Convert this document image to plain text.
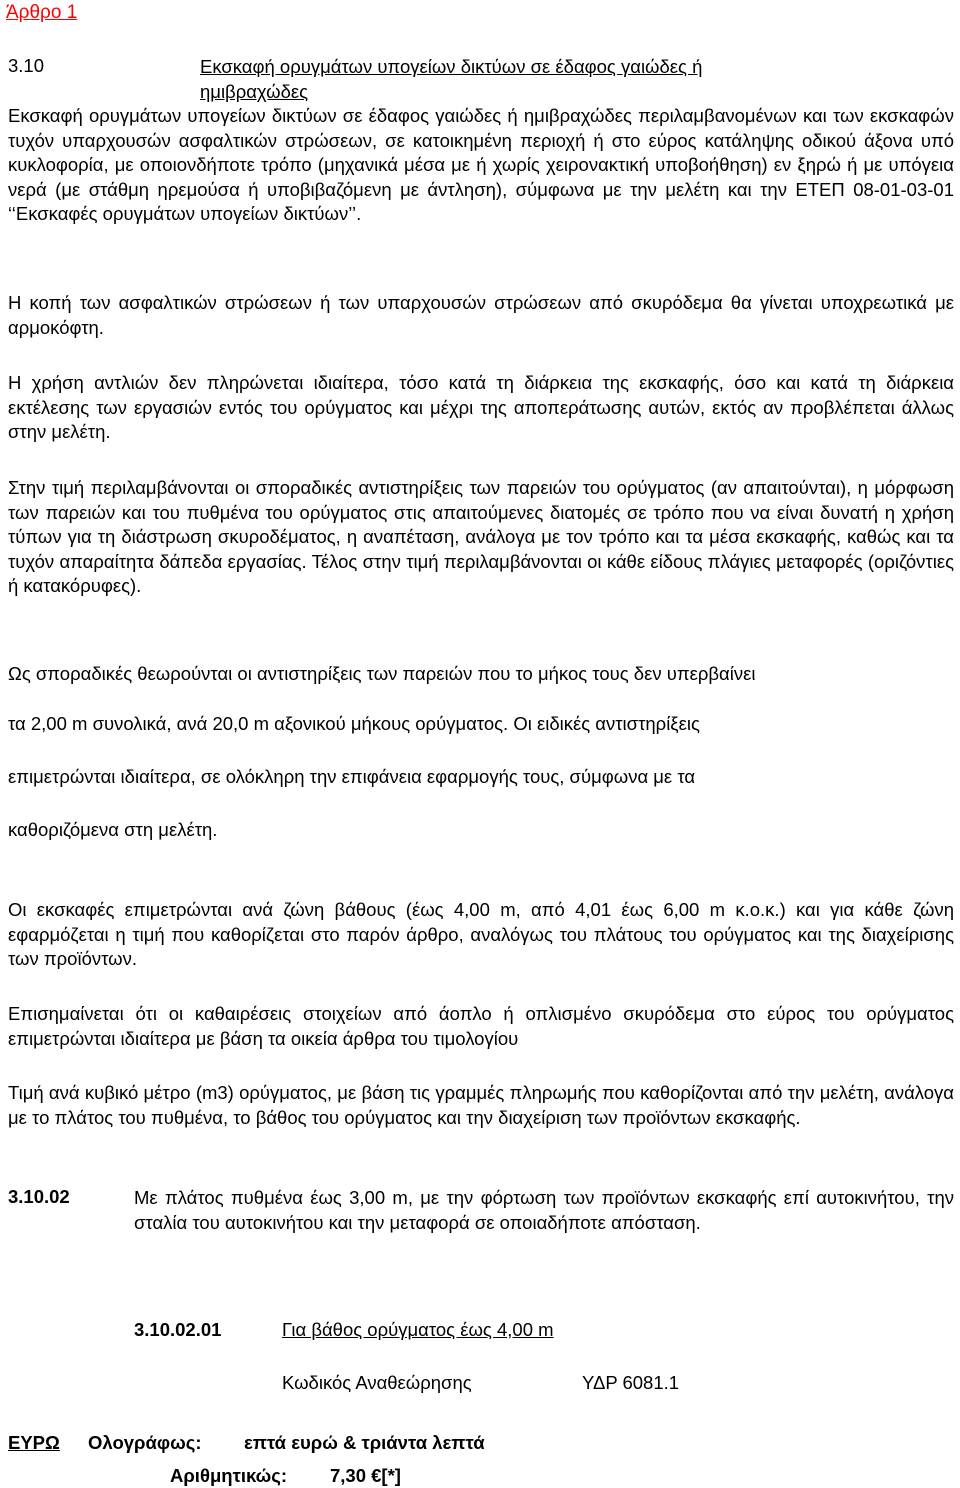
Άρθρο 1
3.10	Εκσκαφή ορυγμάτων υπογείων δικτύων σε έδαφος γαιώδες ή
ημιβραχώδες
Εκσκαφή ορυγμάτων υπογείων δικτύων σε έδαφος γαιώδες ή ημιβραχώδες περιλαμβανομένων και των εκσκαφών τυχόν υπαρχουσών ασφαλτικών στρώσεων, σε κατοικημένη περιοχή ή στο εύρος κατάληψης οδικού άξονα υπό κυκλοφορία, με οποιονδήποτε τρόπο (μηχανικά μέσα με ή χωρίς χειρονακτική υποβοήθηση) εν ξηρώ ή με υπόγεια νερά (με στάθμη ηρεμούσα ή υποβιβαζόμενη με άντληση), σύμφωνα με την μελέτη και την ΕΤΕΠ 08-01-03-01 ‘‘Εκσκαφές ορυγμάτων υπογείων δικτύων’’.
Η κοπή των ασφαλτικών στρώσεων ή των υπαρχουσών στρώσεων από σκυρόδεμα θα γίνεται υποχρεωτικά με αρμοκόφτη.
Η χρήση αντλιών δεν πληρώνεται ιδιαίτερα, τόσο κατά τη διάρκεια της εκσκαφής, όσο και κατά τη διάρκεια εκτέλεσης των εργασιών εντός του ορύγματος και μέχρι της αποπεράτωσης αυτών, εκτός αν προβλέπεται άλλως στην μελέτη.
Στην τιμή περιλαμβάνονται οι σποραδικές αντιστηρίξεις των παρειών του ορύγματος (αν απαιτούνται), η μόρφωση των παρειών και του πυθμένα του ορύγματος στις απαιτούμενες διατομές σε τρόπο που να είναι δυνατή η χρήση τύπων για τη διάστρωση σκυροδέματος, η αναπέταση, ανάλογα με τον τρόπο και τα μέσα εκσκαφής, καθώς και τα τυχόν απαραίτητα δάπεδα εργασίας. Τέλος στην τιμή περιλαμβάνονται οι κάθε είδους πλάγιες μεταφορές (οριζόντιες ή κατακόρυφες).
Ως σποραδικές θεωρούνται οι αντιστηρίξεις των παρειών που το μήκος τους δεν υπερβαίνει
τα 2,00 m συνολικά, ανά 20,0 m αξονικού μήκους ορύγματος. Οι ειδικές αντιστηρίξεις
επιμετρώνται ιδιαίτερα, σε ολόκληρη την επιφάνεια εφαρμογής τους, σύμφωνα με τα
καθοριζόμενα στη μελέτη.
Οι εκσκαφές επιμετρώνται ανά ζώνη βάθους (έως 4,00 m, από 4,01 έως 6,00 m κ.ο.κ.) και για κάθε ζώνη εφαρμόζεται η τιμή που καθορίζεται στο παρόν άρθρο, αναλόγως του πλάτους του ορύγματος και της διαχείρισης των προϊόντων.
Επισημαίνεται ότι οι καθαιρέσεις στοιχείων από άοπλο ή οπλισμένο σκυρόδεμα στο εύρος του ορύγματος επιμετρώνται ιδιαίτερα με βάση τα οικεία άρθρα του τιμολογίου
Τιμή ανά κυβικό μέτρο (m3) ορύγματος, με βάση τις γραμμές πληρωμής που καθορίζονται από την μελέτη, ανάλογα με το πλάτος του πυθμένα, το βάθος του ορύγματος και την διαχείριση των προϊόντων εκσκαφής.
3.10.02	Με πλάτος πυθμένα έως 3,00 m, με την φόρτωση των προϊόντων εκσκαφής επί αυτοκινήτου, την σταλία του αυτοκινήτου και την μεταφορά σε οποιαδήποτε απόσταση.
3.10.02.01	Για βάθος ορύγματος έως 4,00 m
Κωδικός Αναθεώρησης	ΥΔΡ 6081.1
ΕΥΡΩ Ολογράφως: επτά ευρώ & τριάντα λεπτά
Αριθμητικώς: 7,30 €[*]
